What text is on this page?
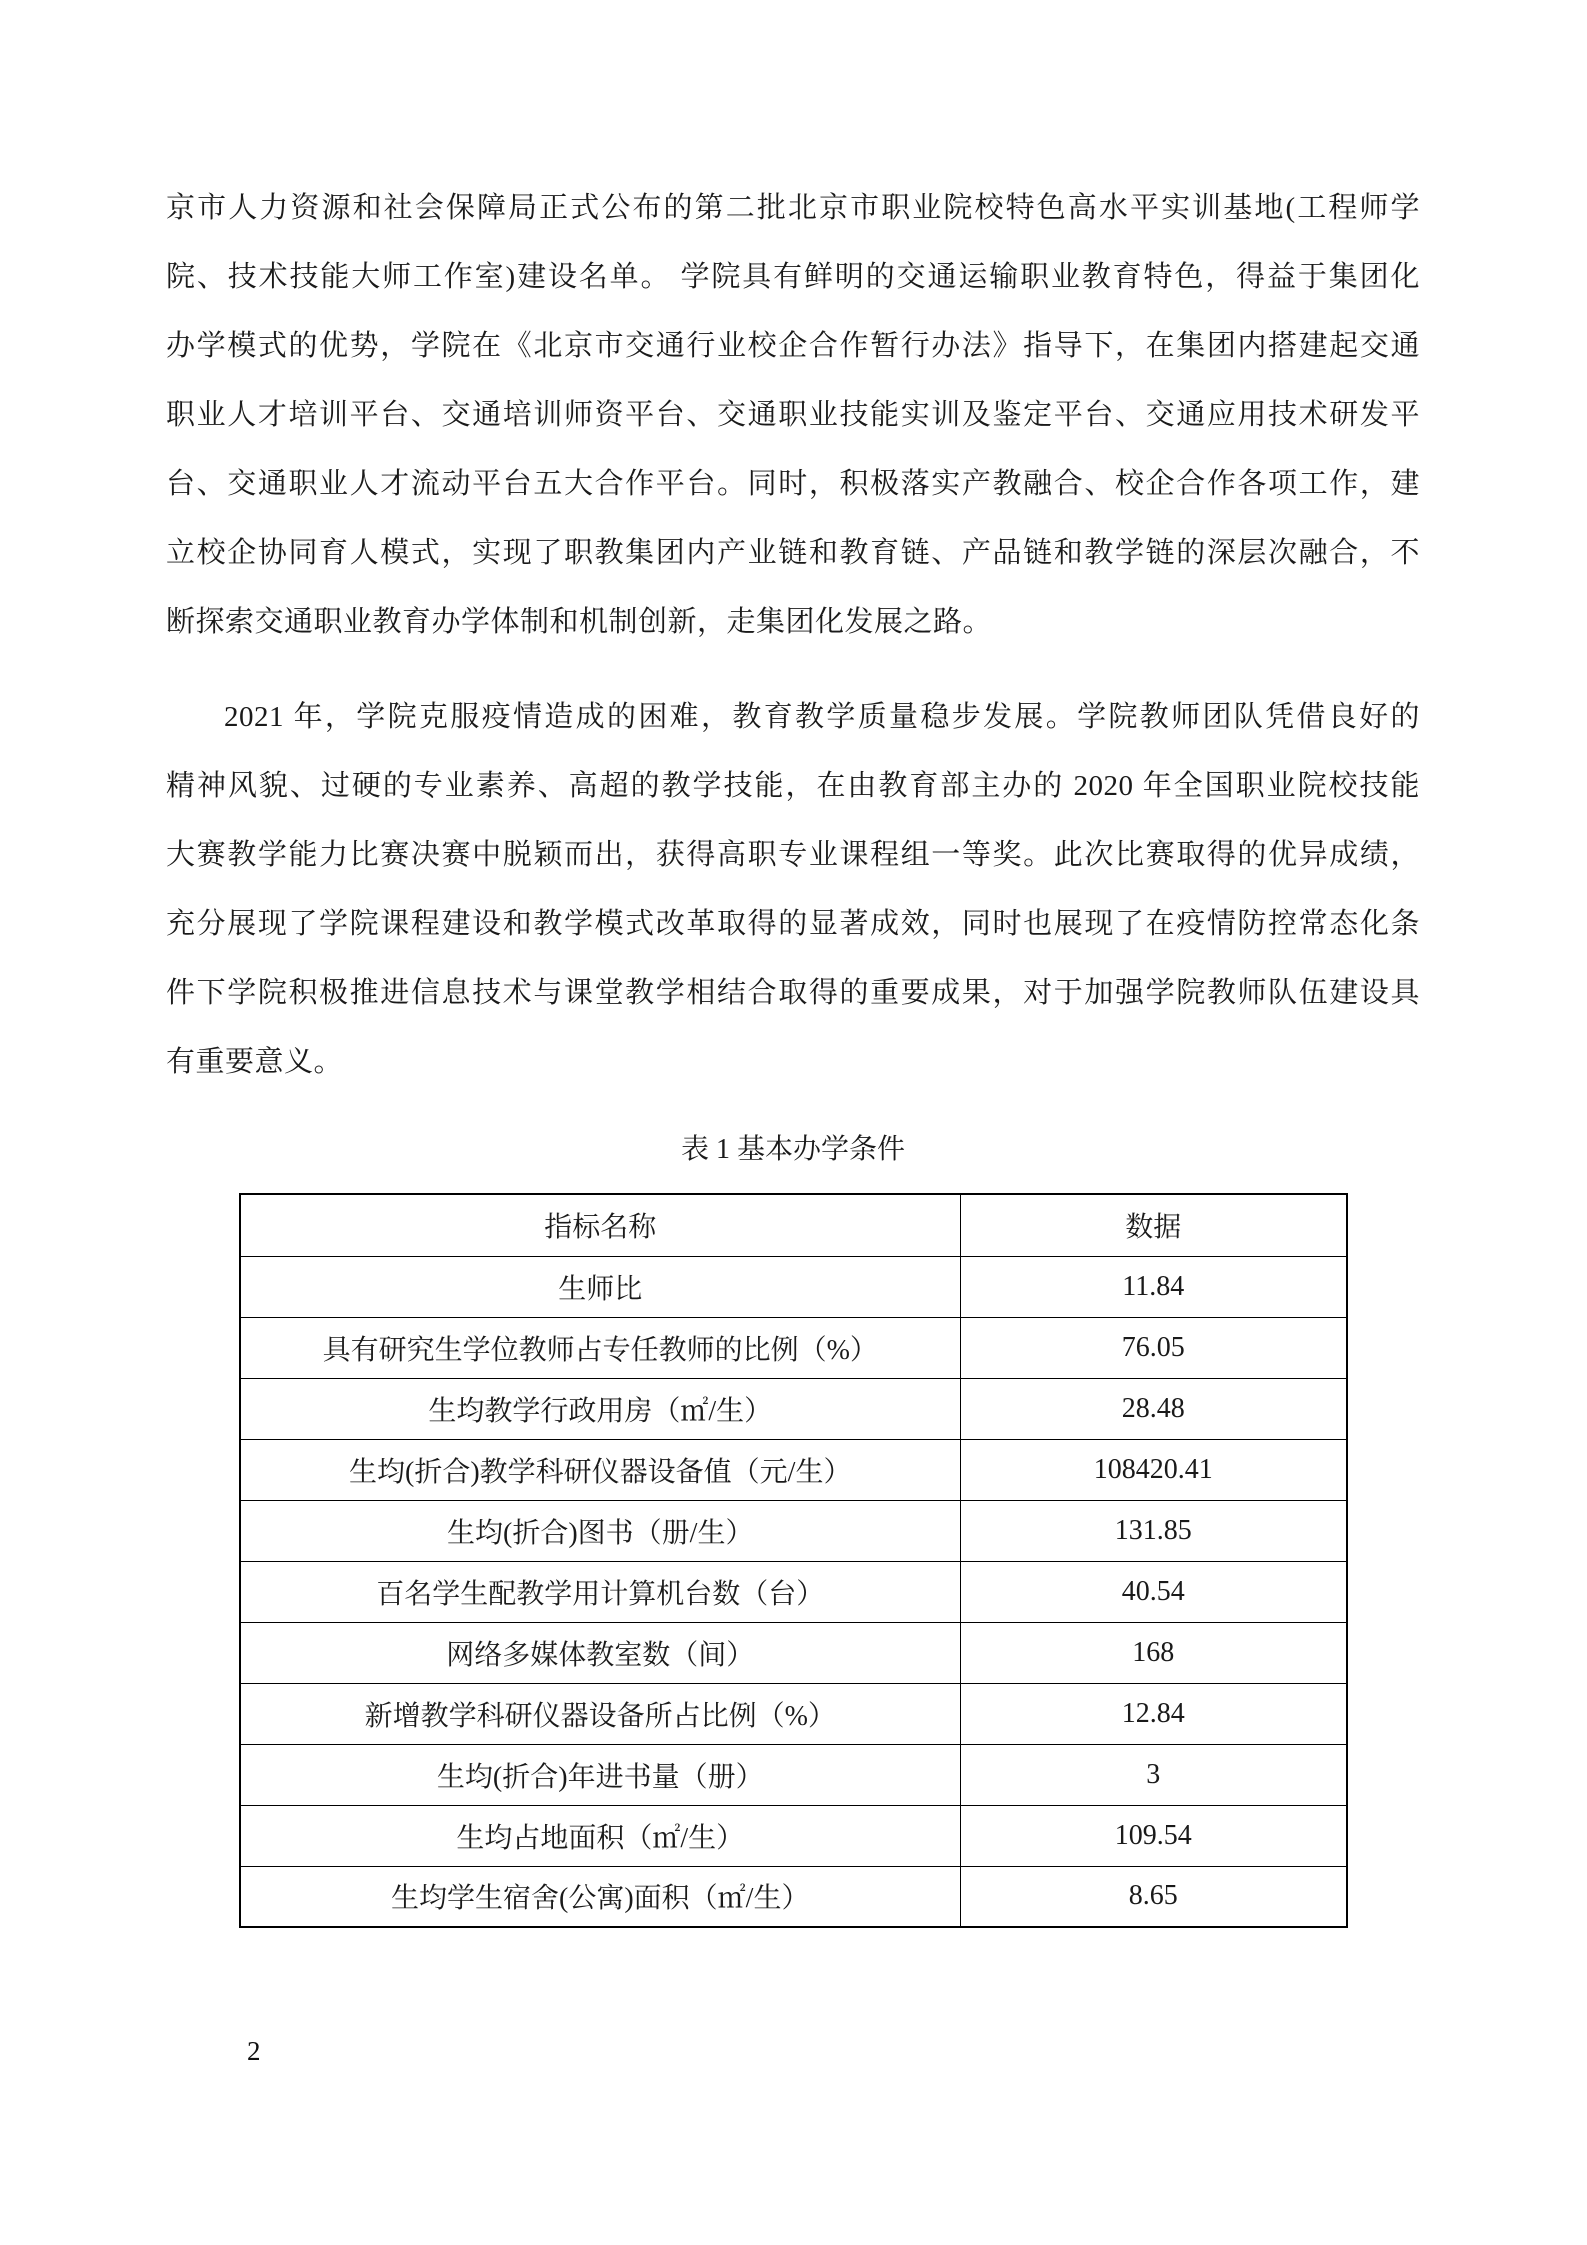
京市人力资源和社会保障局正式公布的第二批北京市职业院校特色高水平实训基地(工程师学
院、技术技能大师工作室)建设名单。 学院具有鲜明的交通运输职业教育特色，得益于集团化
办学模式的优势，学院在《北京市交通行业校企合作暂行办法》指导下，在集团内搭建起交通
职业人才培训平台、交通培训师资平台、交通职业技能实训及鉴定平台、交通应用技术研发平
台、交通职业人才流动平台五大合作平台。同时，积极落实产教融合、校企合作各项工作，建
立校企协同育人模式，实现了职教集团内产业链和教育链、产品链和教学链的深层次融合，不
断探索交通职业教育办学体制和机制创新，走集团化发展之路。
2021 年，学院克服疫情造成的困难，教育教学质量稳步发展。学院教师团队凭借良好的
精神风貌、过硬的专业素养、高超的教学技能，在由教育部主办的 2020 年全国职业院校技能
大赛教学能力比赛决赛中脱颖而出，获得高职专业课程组一等奖。此次比赛取得的优异成绩，
充分展现了学院课程建设和教学模式改革取得的显著成效，同时也展现了在疫情防控常态化条
件下学院积极推进信息技术与课堂教学相结合取得的重要成果，对于加强学院教师队伍建设具
有重要意义。
表 1 基本办学条件
指标名称	数据
生师比	11.84
具有研究生学位教师占专任教师的比例（%）	76.05
生均教学行政用房（㎡/生）	28.48
生均(折合)教学科研仪器设备值（元/生）	108420.41
生均(折合)图书（册/生）	131.85
百名学生配教学用计算机台数（台）	40.54
网络多媒体教室数（间）	168
新增教学科研仪器设备所占比例（%）	12.84
生均(折合)年进书量（册）	3
生均占地面积（㎡/生）	109.54
生均学生宿舍(公寓)面积（㎡/生）	8.65
2
